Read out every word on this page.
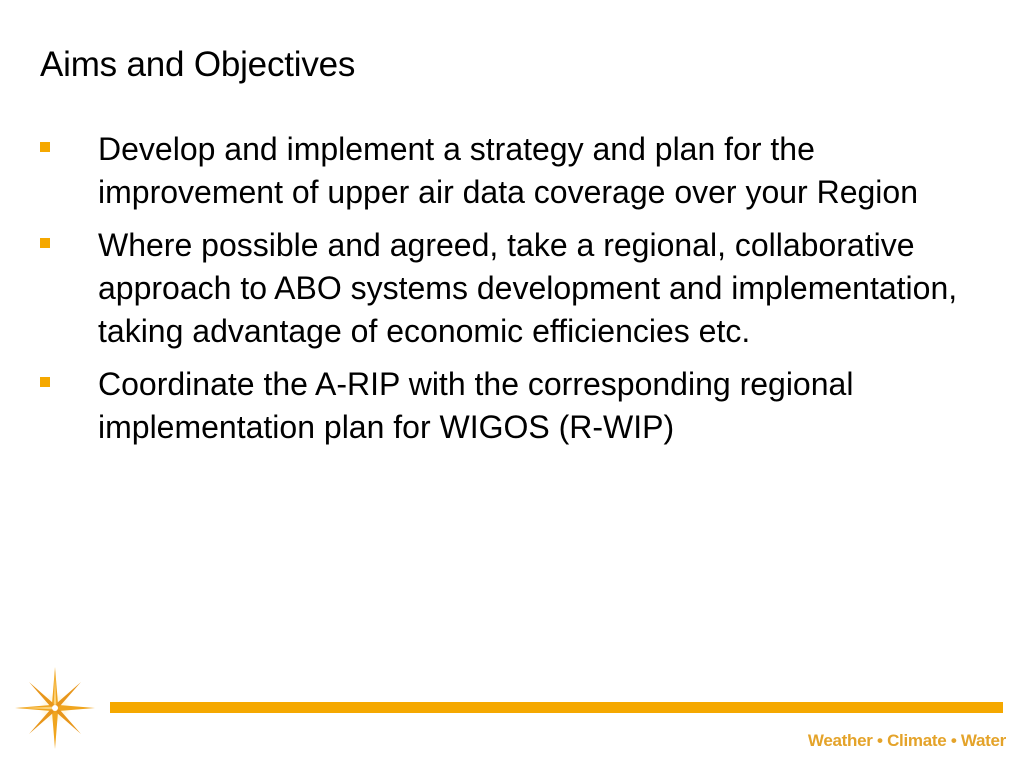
Aims and Objectives
Develop and implement a strategy and plan for the improvement of upper air data coverage over your Region
Where possible and agreed, take a regional, collaborative approach to ABO systems development and implementation, taking advantage of economic efficiencies etc.
Coordinate the A-RIP with the corresponding regional implementation plan for WIGOS (R-WIP)
Weather • Climate • Water
